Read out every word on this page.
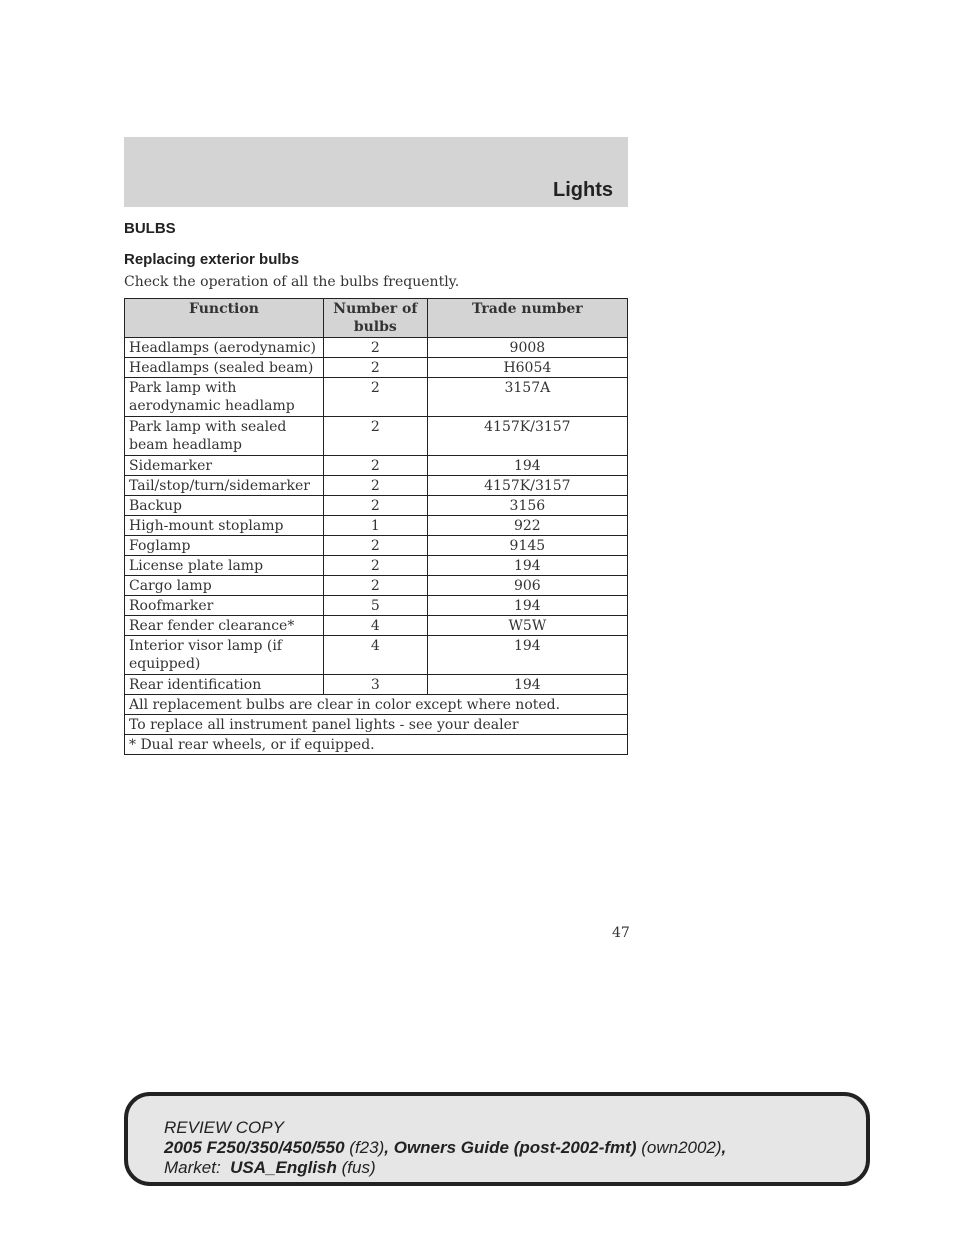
Lights
BULBS
Replacing exterior bulbs
Check the operation of all the bulbs frequently.
Function	Number of bulbs	Trade number
Headlamps (aerodynamic)	2	9008
Headlamps (sealed beam)	2	H6054
Park lamp with aerodynamic headlamp	2	3157A
Park lamp with sealed beam headlamp	2	4157K/3157
Sidemarker	2	194
Tail/stop/turn/sidemarker	2	4157K/3157
Backup	2	3156
High-mount stoplamp	1	922
Foglamp	2	9145
License plate lamp	2	194
Cargo lamp	2	906
Roofmarker	5	194
Rear fender clearance*	4	W5W
Interior visor lamp (if equipped)	4	194
Rear identification	3	194
All replacement bulbs are clear in color except where noted.		
To replace all instrument panel lights - see your dealer		
* Dual rear wheels, or if equipped.		
47
REVIEW COPY
2005 F250/350/450/550 (f23), Owners Guide (post-2002-fmt) (own2002),
Market: USA_English (fus)
